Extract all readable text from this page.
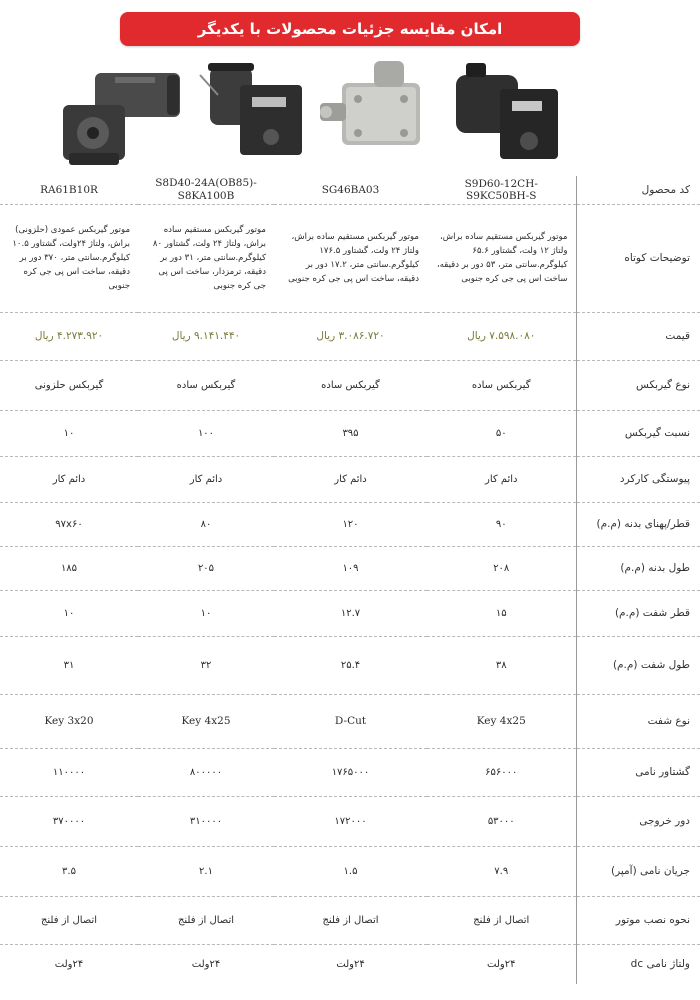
امکان مقایسه جزئیات محصولات با یکدیگر
RA61B10R	S8D40-24A(OB85)-S8KA100B	SG46BA03	S9D60-12CH-S9KC50BH-S	کد محصول
موتور گیربکس عمودی (حلزونی) براش، ولتاژ ۲۴ولت، گشتاور ۱۰.۵ کیلوگرم.سانتی متر، ۳۷۰ دور بر دقیقه، ساخت اس پی جی کره جنوبی	موتور گیربکس مستقیم ساده براش، ولتاژ ۲۴ ولت، گشتاور ۸۰ کیلوگرم.سانتی متر، ۳۱ دور بر دقیقه، ترمزدار، ساخت اس پی جی کره جنوبی	موتور گیربکس مستقیم ساده براش، ولتاژ ۲۴ ولت، گشتاور ۱۷۶.۵ کیلوگرم.سانتی متر، ۱۷.۲ دور بر دقیقه، ساخت اس پی جی کره جنوبی	موتور گیربکس مستقیم ساده براش، ولتاژ ۱۲ ولت، گشتاور ۶۵.۶ کیلوگرم.سانتی متر، ۵۳ دور بر دقیقه، ساخت اس پی جی کره جنوبی	توضیحات کوتاه
۴.۲۷۳.۹۲۰ ریال	۹.۱۴۱.۴۴۰ ریال	۳.۰۸۶.۷۲۰ ریال	۷.۵۹۸.۰۸۰ ریال	قیمت
گیربکس حلزونی	گیربکس ساده	گیربکس ساده	گیربکس ساده	نوع گیربکس
۱۰	۱۰۰	۳۹۵	۵۰	نسبت گیربکس
دائم کار	دائم کار	دائم کار	دائم کار	پیوستگی کارکرد
۹۷x۶۰	۸۰	۱۲۰	۹۰	قطر/پهنای بدنه (م.م)
۱۸۵	۲۰۵	۱۰۹	۲۰۸	طول بدنه (م.م)
۱۰	۱۰	۱۲.۷	۱۵	قطر شفت (م.م)
۳۱	۳۲	۲۵.۴	۳۸	طول شفت (م.م)
Key 3x20	Key 4x25	D-Cut	Key 4x25	نوع شفت
۱۱۰۰۰۰	۸۰۰۰۰۰	۱۷۶۵۰۰۰	۶۵۶۰۰۰	گشتاور نامی
۳۷۰۰۰۰	۳۱۰۰۰۰	۱۷۲۰۰۰	۵۳۰۰۰	دور خروجی
۳.۵	۲.۱	۱.۵	۷.۹	جریان نامی (آمپر)
اتصال از فلنج	اتصال از فلنج	اتصال از فلنج	اتصال از فلنج	نحوه نصب موتور
۲۴ولت	۲۴ولت	۲۴ولت	۲۴ولت	ولتاژ نامی dc
